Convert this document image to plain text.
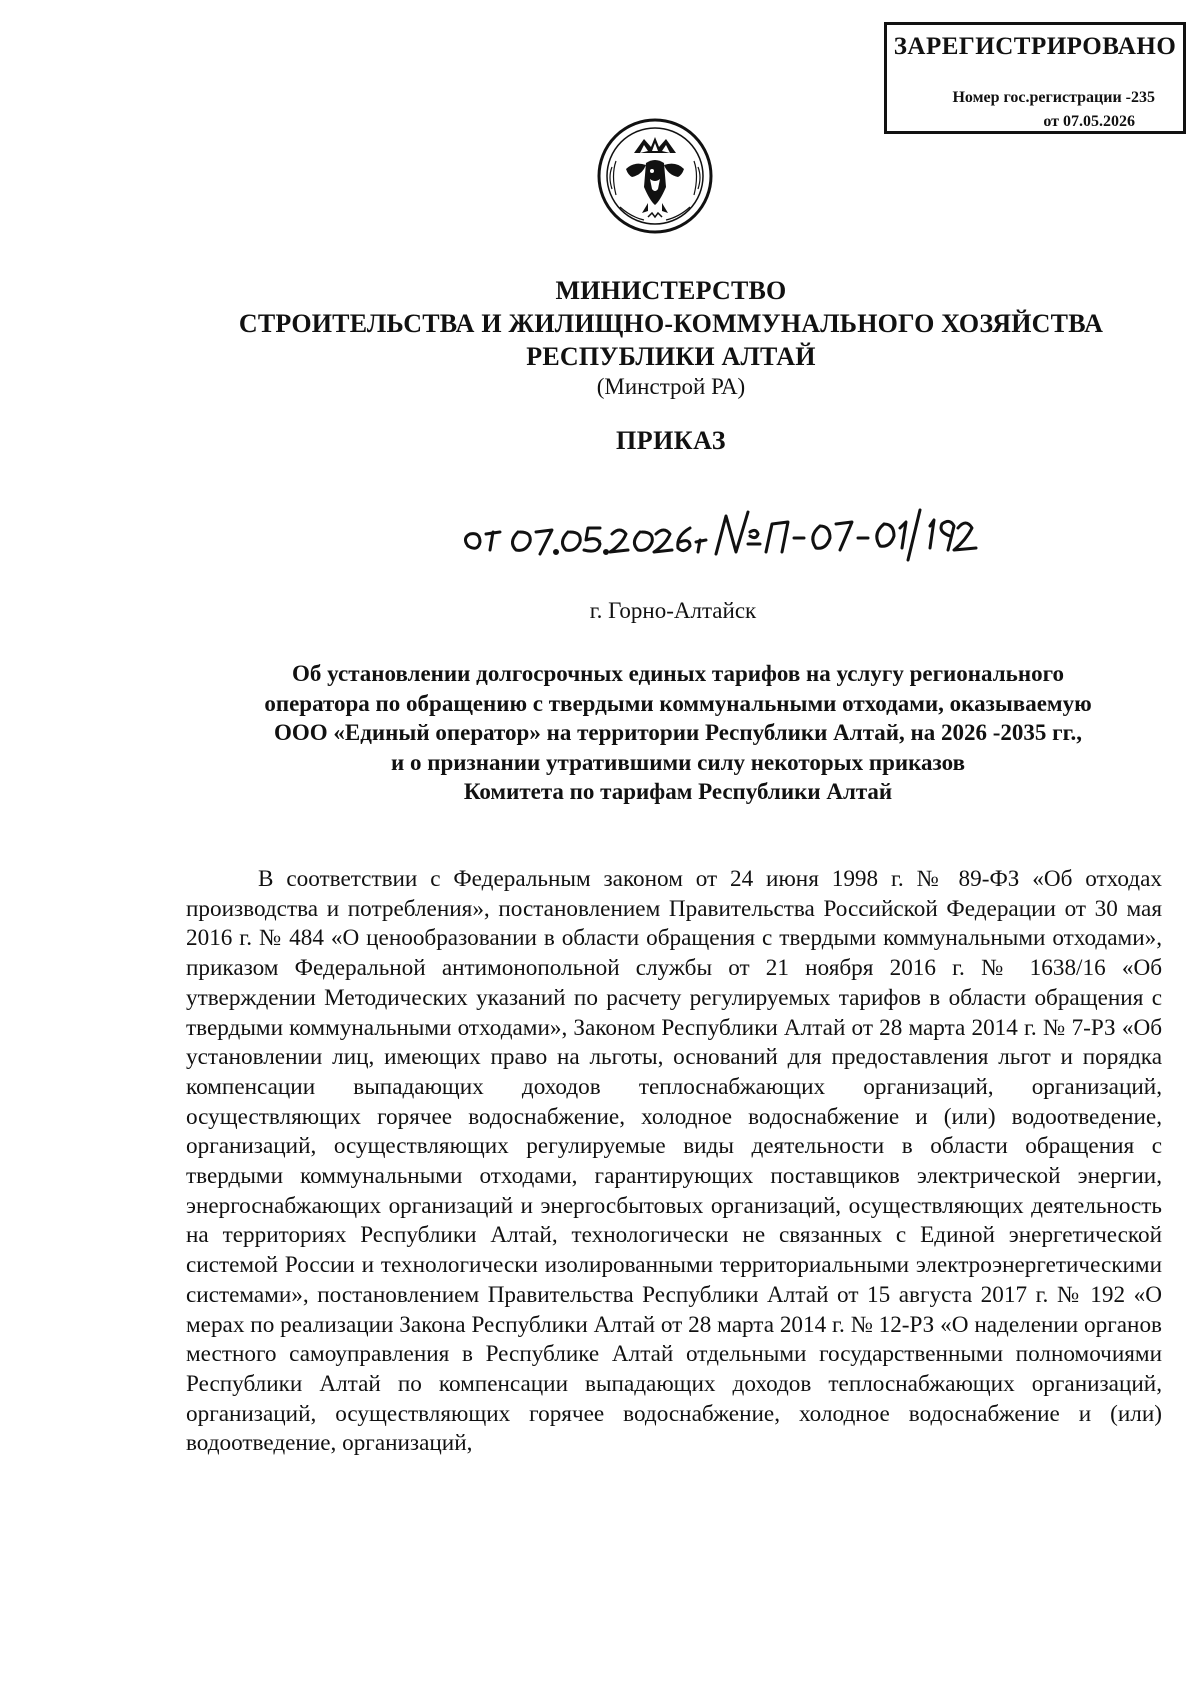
ЗАРЕГИСТРИРОВАНО
Номер гос.регистрации -235
от 07.05.2026
МИНИСТЕРСТВО
СТРОИТЕЛЬСТВА И ЖИЛИЩНО-КОММУНАЛЬНОГО ХОЗЯЙСТВА
РЕСПУБЛИКИ АЛТАЙ
(Минстрой РА)
ПРИКАЗ
г. Горно-Алтайск
Об установлении долгосрочных единых тарифов на услугу регионального
оператора по обращению с твердыми коммунальными отходами, оказываемую
ООО «Единый оператор» на территории Республики Алтай, на 2026 -2035 гг.,
и о признании утратившими силу некоторых приказов
Комитета по тарифам Республики Алтай

В соответствии с Федеральным законом от 24 июня 1998 г. № 89-ФЗ «Об отходах производства и потребления», постановлением Правительства Российской Федерации от 30 мая 2016 г. № 484 «О ценообразовании в области обращения с твердыми коммунальными отходами», приказом Федеральной антимонопольной службы от 21 ноября 2016 г. № 1638/16 «Об утверждении Методических указаний по расчету регулируемых тарифов в области обращения с твердыми коммунальными отходами», Законом Республики Алтай от 28 марта 2014 г. № 7-РЗ «Об установлении лиц, имеющих право на льготы, оснований для предоставления льгот и порядка компенсации выпадающих доходов теплоснабжающих организаций, организаций, осуществляющих горячее водоснабжение, холодное водоснабжение и (или) водоотведение, организаций, осуществляющих регулируемые виды деятельности в области обращения с твердыми коммунальными отходами, гарантирующих поставщиков электрической энергии, энергоснабжающих организаций и энергосбытовых организаций, осуществляющих деятельность на территориях Республики Алтай, технологически не связанных с Единой энергетической системой России и технологически изолированными территориальными электроэнергетическими системами», постановлением Правительства Республики Алтай от 15 августа 2017 г. № 192 «О мерах по реализации Закона Республики Алтай от 28 марта 2014 г. № 12-РЗ «О наделении органов местного самоуправления в Республике Алтай отдельными государственными полномочиями Республики Алтай по компенсации выпадающих доходов теплоснабжающих организаций, организаций, осуществляющих горячее водоснабжение, холодное водоснабжение и (или) водоотведение, организаций,
